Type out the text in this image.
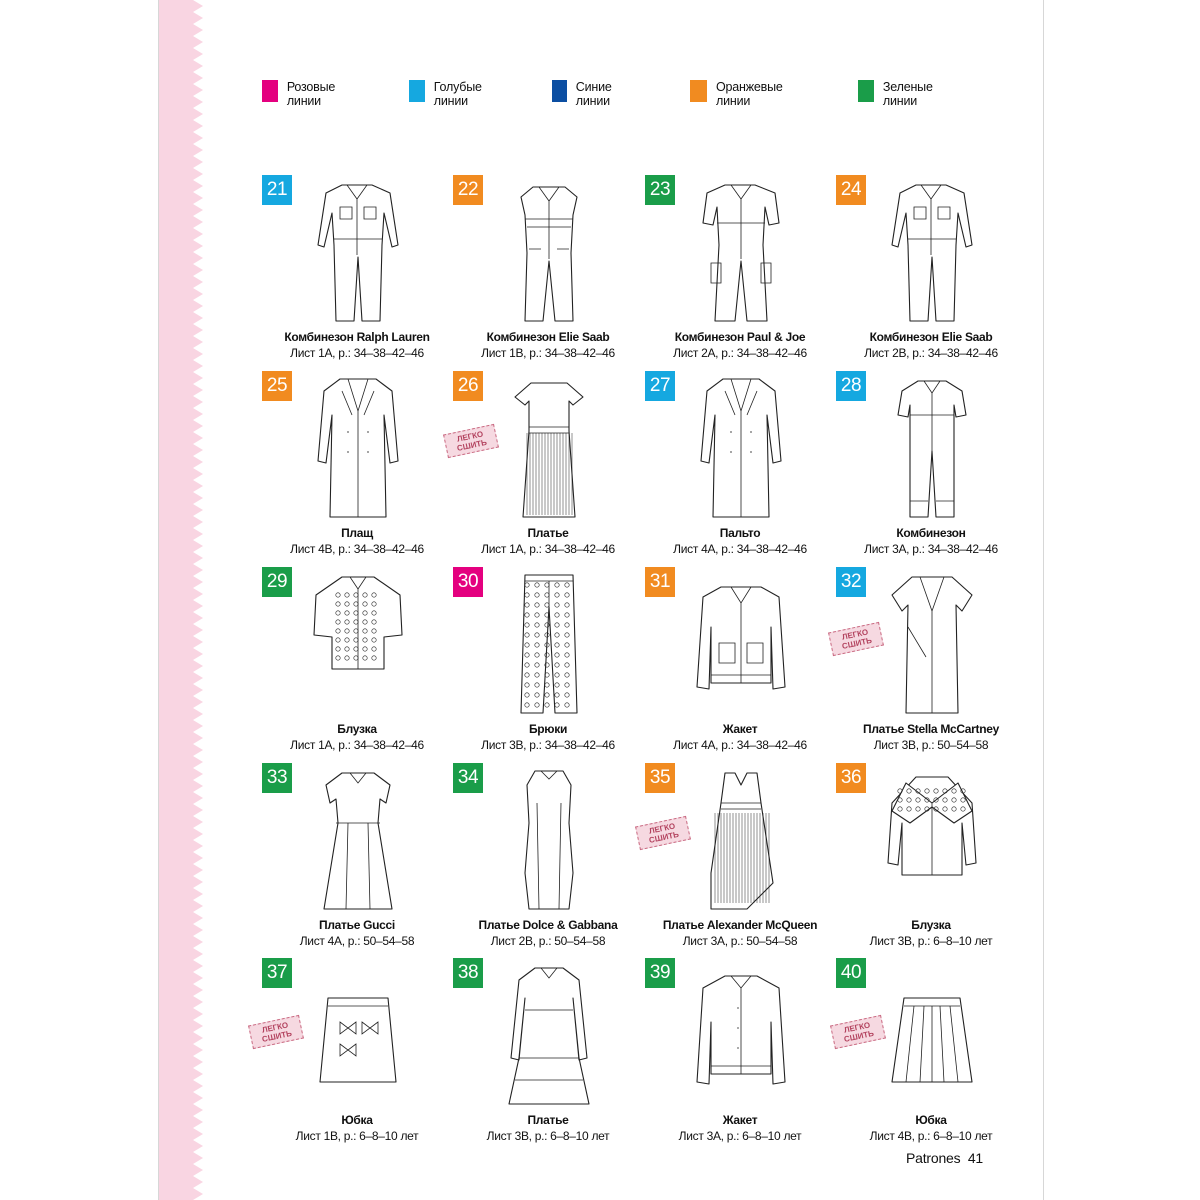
Розовые линии
Голубые линии
Синие линии
Оранжевые линии
Зеленые линии
21
Комбинезон Ralph Lauren
Лист 1А, р.: 34–38–42–46
22
Комбинезон Elie Saab
Лист 1В, р.: 34–38–42–46
23
Комбинезон Paul & Joe
Лист 2А, р.: 34–38–42–46
24
Комбинезон Elie Saab
Лист 2В, р.: 34–38–42–46
25
Плащ
Лист 4В, р.: 34–38–42–46
26
Платье
Лист 1А, р.: 34–38–42–46
ЛЕГКО СШИТЬ
27
Пальто
Лист 4А, р.: 34–38–42–46
28
Комбинезон
Лист 3А, р.: 34–38–42–46
29
Блузка
Лист 1А, р.: 34–38–42–46
30
Брюки
Лист 3В, р.: 34–38–42–46
31
Жакет
Лист 4А, р.: 34–38–42–46
32
Платье Stella McCartney
Лист 3В, р.: 50–54–58
ЛЕГКО СШИТЬ
33
Платье Gucci
Лист 4А, р.: 50–54–58
34
Платье Dolce & Gabbana
Лист 2В, р.: 50–54–58
35
Платье Alexander McQueen
Лист 3А, р.: 50–54–58
ЛЕГКО СШИТЬ
36
Блузка
Лист 3В, р.: 6–8–10 лет
37
Юбка
Лист 1В, р.: 6–8–10 лет
ЛЕГКО СШИТЬ
38
Платье
Лист 3В, р.: 6–8–10 лет
39
Жакет
Лист 3А, р.: 6–8–10 лет
40
Юбка
Лист 4В, р.: 6–8–10 лет
ЛЕГКО СШИТЬ
Patrones 41
